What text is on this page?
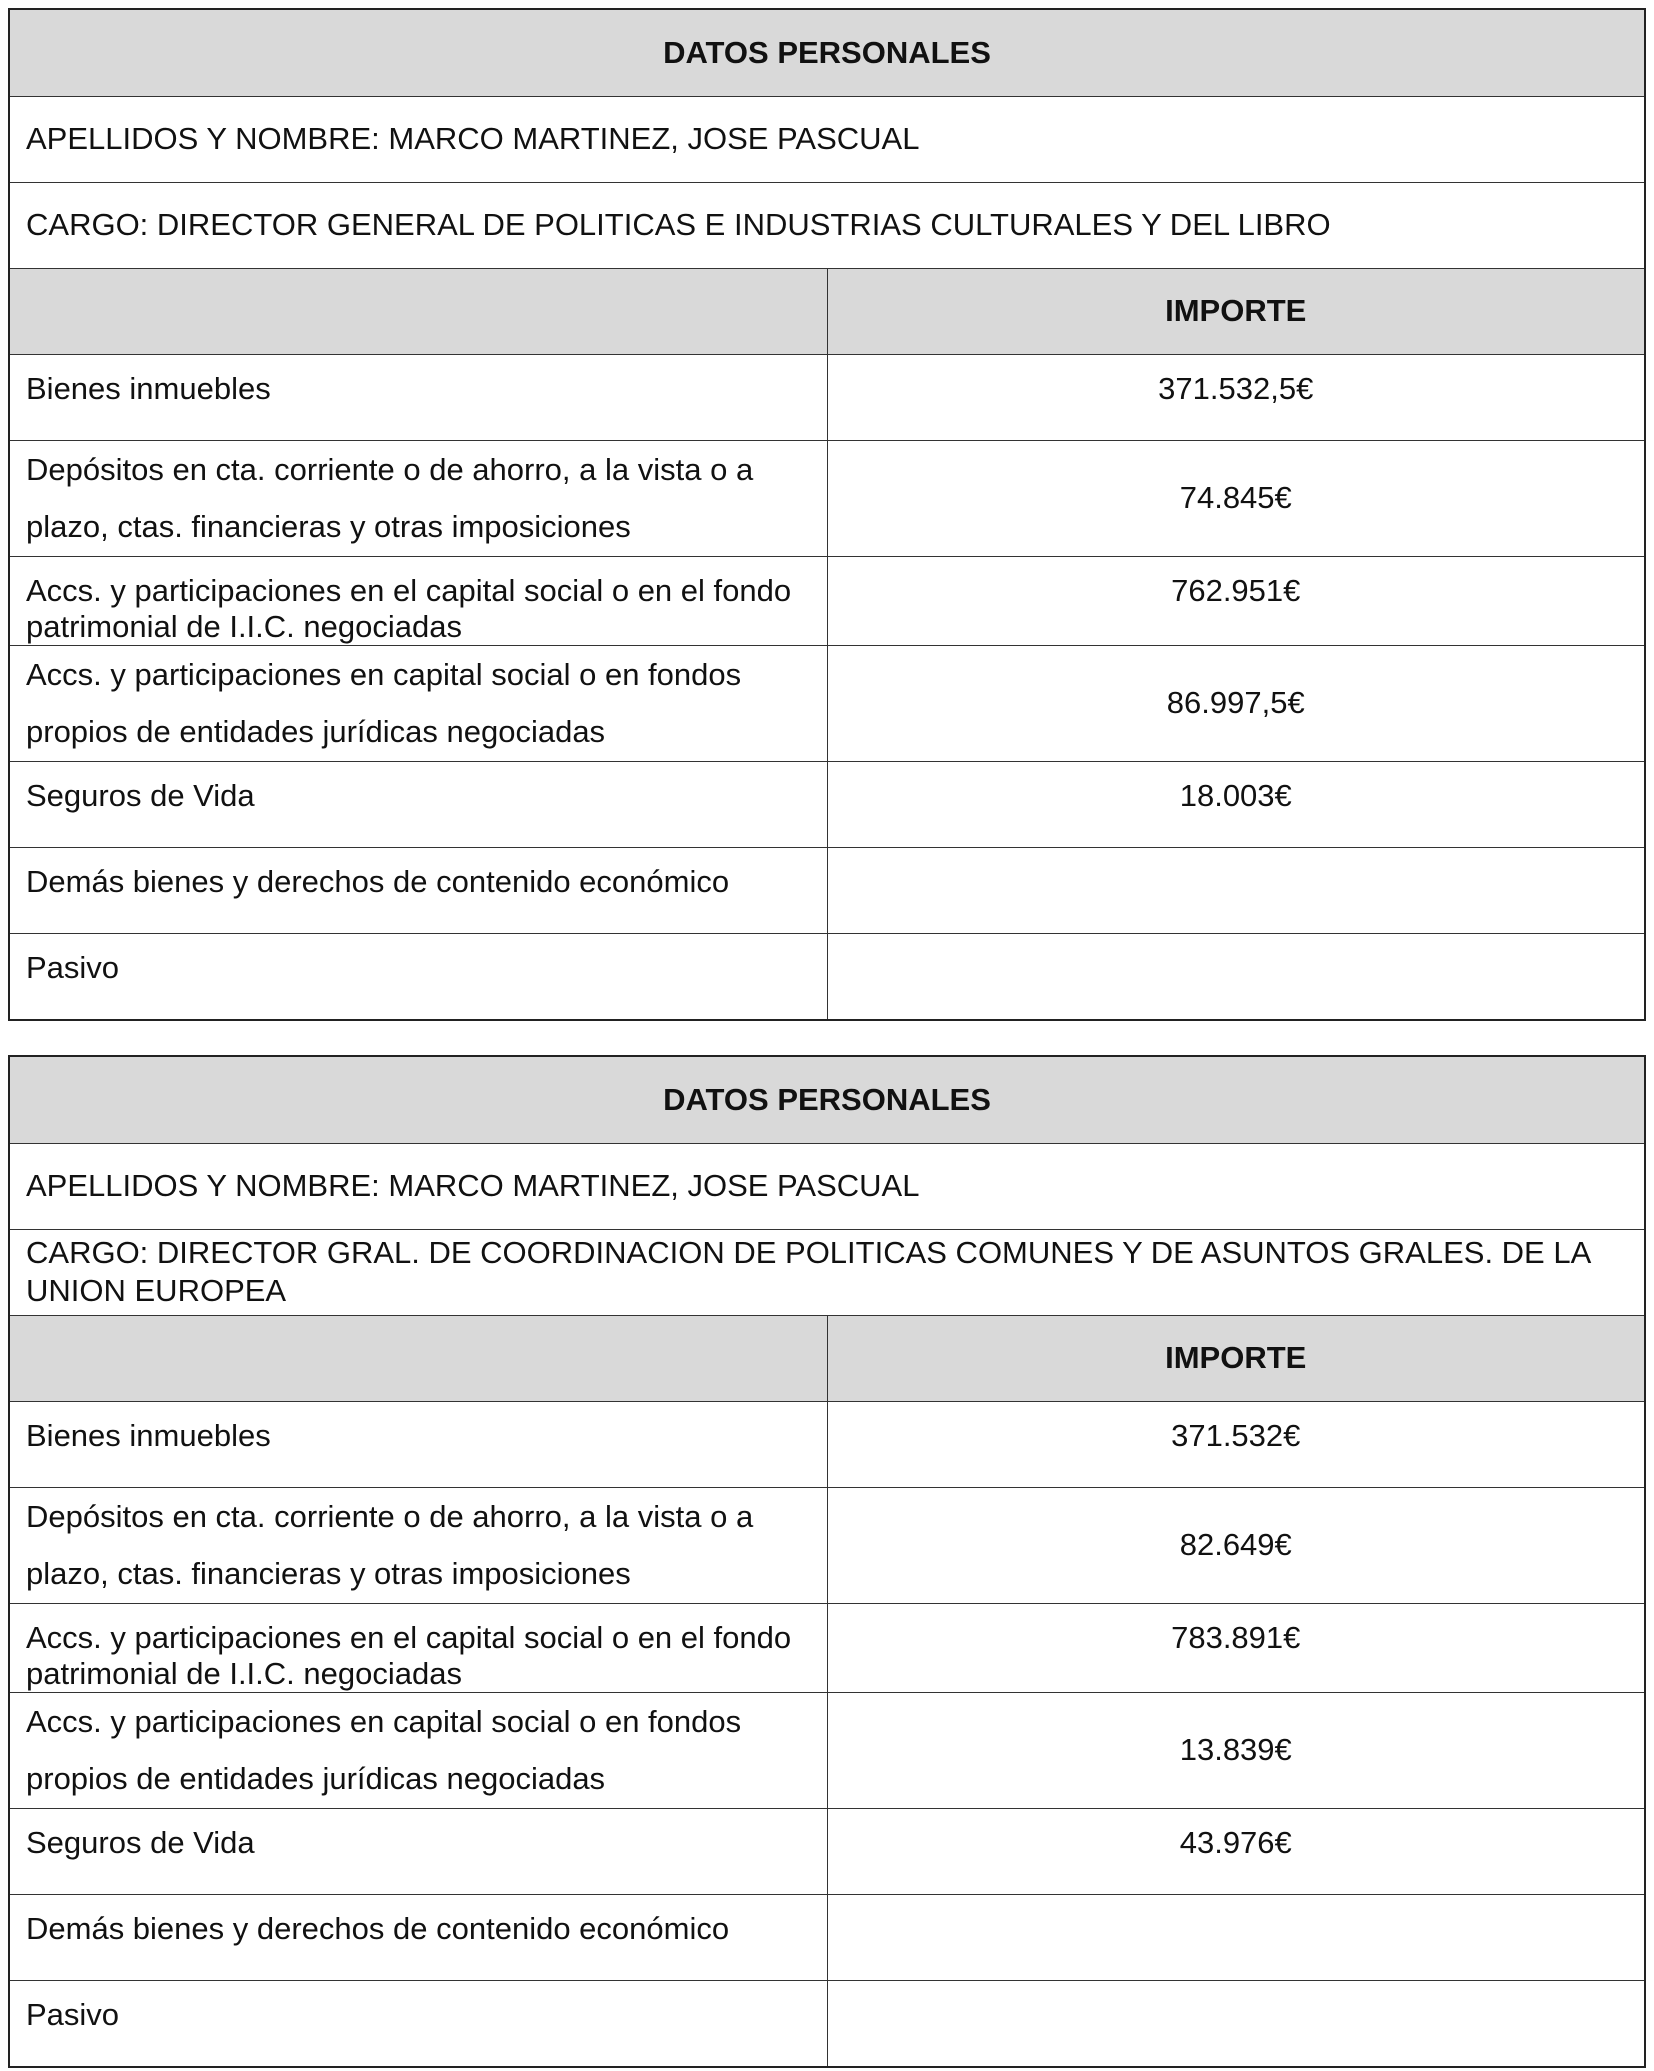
DATOS PERSONALES	
APELLIDOS Y NOMBRE: MARCO MARTINEZ, JOSE PASCUAL	
CARGO: DIRECTOR GENERAL DE POLITICAS E INDUSTRIAS CULTURALES Y DEL LIBRO	
	IMPORTE
Bienes inmuebles	371.532,5€
Depósitos en cta. corriente o de ahorro, a la vista o a plazo, ctas. financieras y otras imposiciones	74.845€
Accs. y participaciones en el capital social o en el fondo patrimonial de I.I.C. negociadas	762.951€
Accs. y participaciones en capital social o en fondos propios de entidades jurídicas negociadas	86.997,5€
Seguros de Vida	18.003€
Demás bienes y derechos de contenido económico	
Pasivo	
DATOS PERSONALES	
APELLIDOS Y NOMBRE: MARCO MARTINEZ, JOSE PASCUAL	
CARGO: DIRECTOR GRAL. DE COORDINACION DE POLITICAS COMUNES Y DE ASUNTOS GRALES. DE LA UNION EUROPEA	
	IMPORTE
Bienes inmuebles	371.532€
Depósitos en cta. corriente o de ahorro, a la vista o a plazo, ctas. financieras y otras imposiciones	82.649€
Accs. y participaciones en el capital social o en el fondo patrimonial de I.I.C. negociadas	783.891€
Accs. y participaciones en capital social o en fondos propios de entidades jurídicas negociadas	13.839€
Seguros de Vida	43.976€
Demás bienes y derechos de contenido económico	
Pasivo	
